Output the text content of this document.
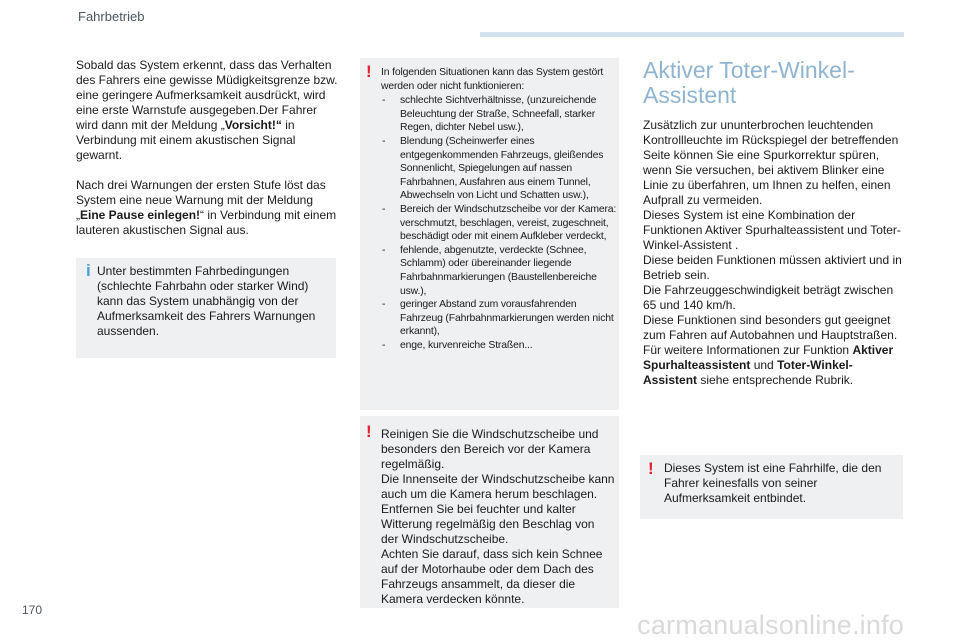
Fahrbetrieb

Sobald das System erkennt, dass das Verhalten des Fahrers eine gewisse Müdigkeitsgrenze bzw. eine geringere Aufmerksamkeit ausdrückt, wird eine erste Warnstufe ausgegeben.Der Fahrer wird dann mit der Meldung „Vorsicht!“ in Verbindung mit einem akustischen Signal gewarnt.

Nach drei Warnungen der ersten Stufe löst das System eine neue Warnung mit der Meldung „Eine Pause einlegen!“ in Verbindung mit einem lauteren akustischen Signal aus.

i Unter bestimmten Fahrbedingungen (schlechte Fahrbahn oder starker Wind) kann das System unabhängig von der Aufmerksamkeit des Fahrers Warnungen aussenden.
! In folgenden Situationen kann das System gestört werden oder nicht funktionieren:

- schlechte Sichtverhältnisse, (unzureichende Beleuchtung der Straße, Schneefall, starker Regen, dichter Nebel usw.),
- Blendung (Scheinwerfer eines entgegenkommenden Fahrzeugs, gleißendes Sonnenlicht, Spiegelungen auf nassen Fahrbahnen, Ausfahren aus einem Tunnel, Abwechseln von Licht und Schatten usw.),
- Bereich der Windschutzscheibe vor der Kamera: verschmutzt, beschlagen, vereist, zugeschneit, beschädigt oder mit einem Aufkleber verdeckt,
- fehlende, abgenutzte, verdeckte (Schnee, Schlamm) oder übereinander liegende Fahrbahnmarkierungen (Baustellenbereiche usw.),
- geringer Abstand zum vorausfahrenden Fahrzeug (Fahrbahnmarkierungen werden nicht erkannt),
- enge, kurvenreiche Straßen...
! Reinigen Sie die Windschutzscheibe und besonders den Bereich vor der Kamera regelmäßig.
Die Innenseite der Windschutzscheibe kann auch um die Kamera herum beschlagen. Entfernen Sie bei feuchter und kalter Witterung regelmäßig den Beschlag von der Windschutzscheibe.
Achten Sie darauf, dass sich kein Schnee auf der Motorhaube oder dem Dach des Fahrzeugs ansammelt, da dieser die Kamera verdecken könnte.
Aktiver Toter-Winkel-Assistent

Zusätzlich zur ununterbrochen leuchtenden Kontrollleuchte im Rückspiegel der betreffenden Seite können Sie eine Spurkorrektur spüren, wenn Sie versuchen, bei aktivem Blinker eine Linie zu überfahren, um Ihnen zu helfen, einen Aufprall zu vermeiden.

Dieses System ist eine Kombination der Funktionen Aktiver Spurhalteassistent und Toter-Winkel-Assistent .

Diese beiden Funktionen müssen aktiviert und in Betrieb sein.

Die Fahrzeuggeschwindigkeit beträgt zwischen 65 und 140 km/h.

Diese Funktionen sind besonders gut geeignet zum Fahren auf Autobahnen und Hauptstraßen.

Für weitere Informationen zur Funktion Aktiver Spurhalteassistent und Toter-Winkel-Assistent siehe entsprechende Rubrik.

! Dieses System ist eine Fahrhilfe, die den Fahrer keinesfalls von seiner Aufmerksamkeit entbindet.
170	carmanualsonline.info
